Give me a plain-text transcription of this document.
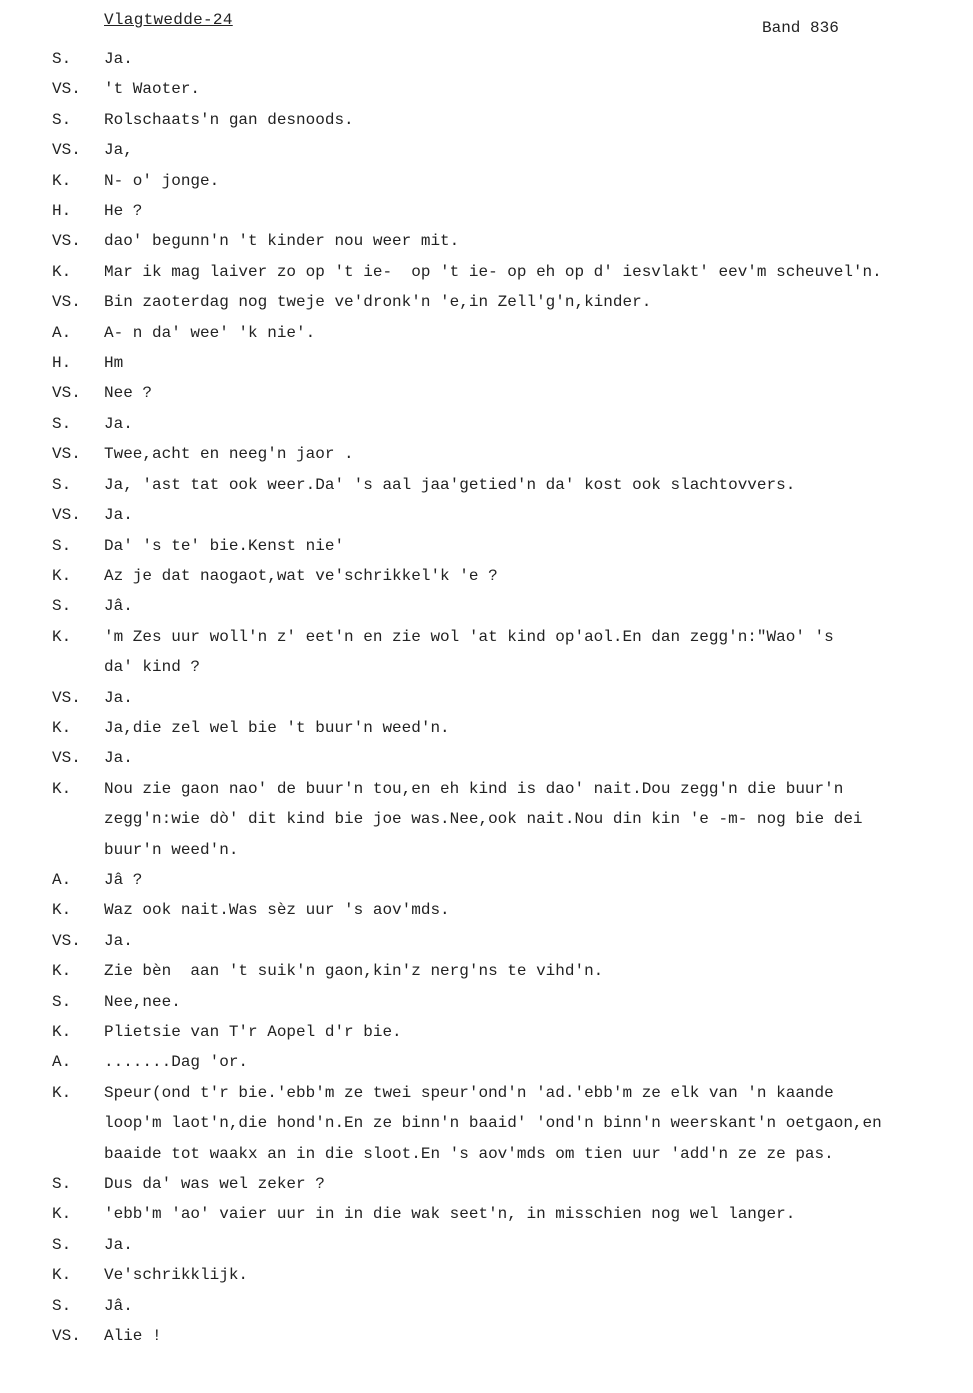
Vlagtwedde-24	Band 836
S.	Ja.
VS.	't Waoter.
S.	Rolschaats'n gan desnoods.
VS.	Ja,
K.	N- o' jonge.
H.	He ?
VS.	dao' begunn'n 't kinder nou weer mit.
K.	Mar ik mag laiver zo op 't ie-  op 't ie- op eh op d' iesvlakt' eev'm scheuvel'n.
VS.	Bin zaoterdag nog tweje ve'dronk'n 'e,in Zell'g'n,kinder.
A.	A- n da' wee' 'k nie'.
H.	Hm
VS.	Nee ?
S.	Ja.
VS.	Twee,acht en neeg'n jaor .
S.	Ja, 'ast tat ook weer.Da' 's aal jaa'getied'n da' kost ook slachtovvers.
VS.	Ja.
S.	Da' 's te' bie.Kenst nie'
K.	Az je dat naogaot,wat ve'schrikkel'k 'e ?
S.	Jâ.
K.	'm Zes uur woll'n z' eet'n en zie wol 'at kind op'aol.En dan zegg'n:"Wao' 's
da' kind ?
VS.	Ja.
K.	Ja,die zel wel bie 't buur'n weed'n.
VS.	Ja.
K.	Nou zie gaon nao' de buur'n tou,en eh kind is dao' nait.Dou zegg'n die buur'n
zegg'n:wie dò' dit kind bie joe was.Nee,ook nait.Nou din kin 'e -m- nog bie dei
buur'n weed'n.
A.	Jâ ?
K.	Waz ook nait.Was sèz uur 's aov'mds.
VS.	Ja.
K.	Zie bèn  aan 't suik'n gaon,kin'z nerg'ns te vihd'n.
S.	Nee,nee.
K.	Plietsie van T'r Aopel d'r bie.
A.	.......Dag 'or.
K.	Speur(ond t'r bie.'ebb'm ze twei speur'ond'n 'ad.'ebb'm ze elk van 'n kaande
loop'm laot'n,die hond'n.En ze binn'n baaid' 'ond'n binn'n weerskant'n oetgaon,en
baaide tot waakx an in die sloot.En 's aov'mds om tien uur 'add'n ze ze pas.
S.	Dus da' was wel zeker ?
K.	'ebb'm 'ao' vaier uur in in die wak seet'n, in misschien nog wel langer.
S.	Ja.
K.	Ve'schrikklijk.
S.	Jâ.
VS.	Alie !
